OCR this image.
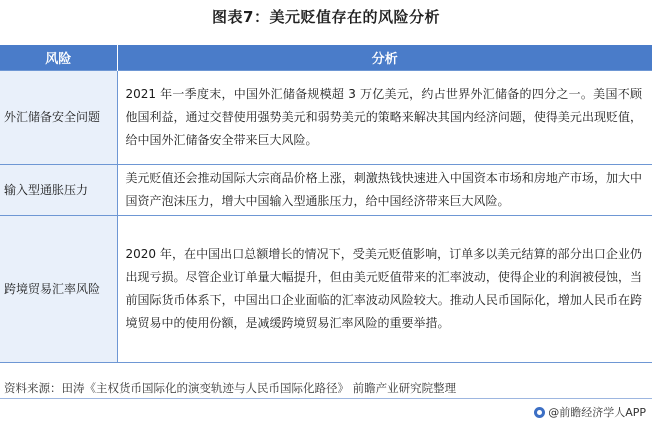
图表7：美元贬值存在的风险分析
风险	分析
外汇储备安全问题	2021 年一季度末，中国外汇储备规模超 3 万亿美元，约占世界外汇储备的四分之一。美国不顾他国利益，通过交替使用强势美元和弱势美元的策略来解决其国内经济问题，使得美元出现贬值，给中国外汇储备安全带来巨大风险。
输入型通胀压力	美元贬值还会推动国际大宗商品价格上涨，刺激热钱快速进入中国资本市场和房地产市场，加大中国资产泡沫压力，增大中国输入型通胀压力，给中国经济带来巨大风险。
跨境贸易汇率风险	2020 年，在中国出口总额增长的情况下，受美元贬值影响，订单多以美元结算的部分出口企业仍出现亏损。尽管企业订单量大幅提升，但由美元贬值带来的汇率波动，使得企业的利润被侵蚀，当前国际货币体系下，中国出口企业面临的汇率波动风险较大。推动人民币国际化，增加人民币在跨境贸易中的使用份额，是减缓跨境贸易汇率风险的重要举措。
资料来源：田涛《主权货币国际化的演变轨迹与人民币国际化路径》 前瞻产业研究院整理
@前瞻经济学人APP
